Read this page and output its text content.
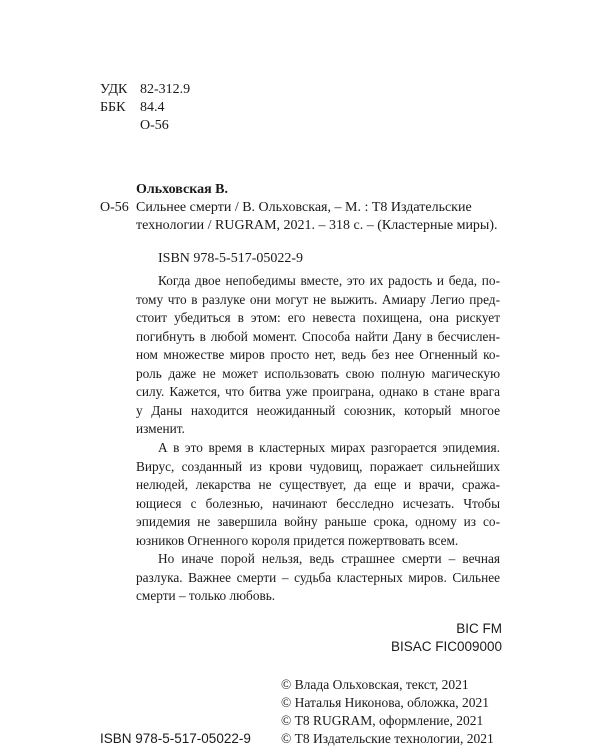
УДК 82-312.9
ББК 84.4
О-56
Ольховская В.
О-56 Сильнее смерти / В. Ольховская, – М. : Т8 Издательские
технологии / RUGRAM, 2021. – 318 с. – (Кластерные миры).
ISBN 978-5-517-05022-9
Когда двое непобедимы вместе, это их радость и беда, по-
тому что в разлуке они могут не выжить. Амиару Легио пред-
стоит убедиться в этом: его невеста похищена, она рискует
погибнуть в любой момент. Способа найти Дану в бесчислен-
ном множестве миров просто нет, ведь без нее Огненный ко-
роль даже не может использовать свою полную магическую
силу. Кажется, что битва уже проиграна, однако в стане врага
у Даны находится неожиданный союзник, который многое
изменит.
А в это время в кластерных мирах разгорается эпидемия.
Вирус, созданный из крови чудовищ, поражает сильнейших
нелюдей, лекарства не существует, да еще и врачи, сража-
ющиеся с болезнью, начинают бесследно исчезать. Чтобы
эпидемия не завершила войну раньше срока, одному из со-
юзников Огненного короля придется пожертвовать всем.
Но иначе порой нельзя, ведь страшнее смерти – вечная
разлука. Важнее смерти – судьба кластерных миров. Сильнее
смерти – только любовь.
BIC FM
BISAC FIC009000
© Влада Ольховская, текст, 2021
© Наталья Никонова, обложка, 2021
© Т8 RUGRAM, оформление, 2021
© Т8 Издательские технологии, 2021
ISBN 978-5-517-05022-9
